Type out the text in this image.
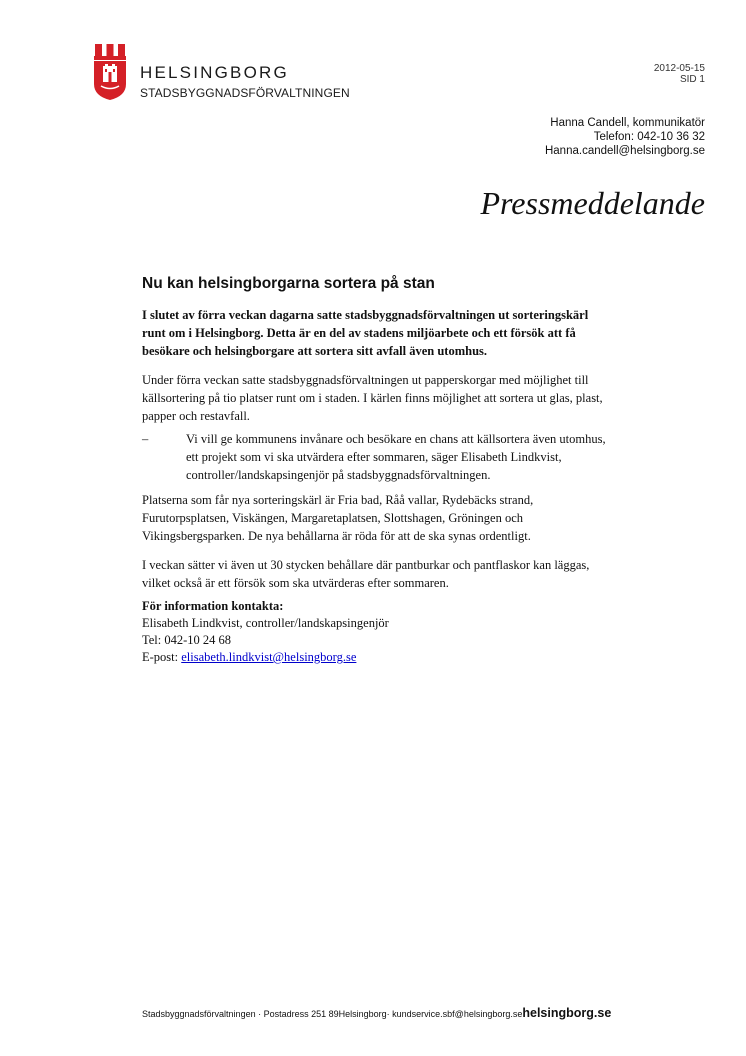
HELSINGBORG
STADSBYGGNADSFÖRVALTNINGEN
2012-05-15
SID 1
Hanna Candell, kommunikatör
Telefon: 042-10 36 32
Hanna.candell@helsingborg.se
Pressmeddelande
Nu kan helsingborgarna sortera på stan
I slutet av förra veckan dagarna satte stadsbyggnadsförvaltningen ut sorteringskärl runt om i Helsingborg. Detta är en del av stadens miljöarbete och ett försök att få besökare och helsingborgare att sortera sitt avfall även utomhus.
Under förra veckan satte stadsbyggnadsförvaltningen ut papperskorgar med möjlighet till källsortering på tio platser runt om i staden. I kärlen finns möjlighet att sortera ut glas, plast, papper och restavfall.
–	Vi vill ge kommunens invånare och besökare en chans att källsortera även utomhus, ett projekt som vi ska utvärdera efter sommaren, säger Elisabeth Lindkvist, controller/landskapsingenjör på stadsbyggnadsförvaltningen.
Platserna som får nya sorteringskärl är Fria bad, Råå vallar, Rydebäcks strand, Furutorpsplatsen, Viskängen, Margaretaplatsen, Slottshagen, Gröningen och Vikingsbergsparken. De nya behållarna är röda för att de ska synas ordentligt.
I veckan sätter vi även ut 30 stycken behållare där pantburkar och pantflaskor kan läggas, vilket också är ett försök som ska utvärderas efter sommaren.
För information kontakta:
Elisabeth Lindkvist, controller/landskapsingenjör
Tel: 042-10 24 68
E-post: elisabeth.lindkvist@helsingborg.se
Stadsbyggnadsförvaltningen · Postadress 251 89Helsingborg· kundservice.sbf@helsingborg.sehelsingborg.se
